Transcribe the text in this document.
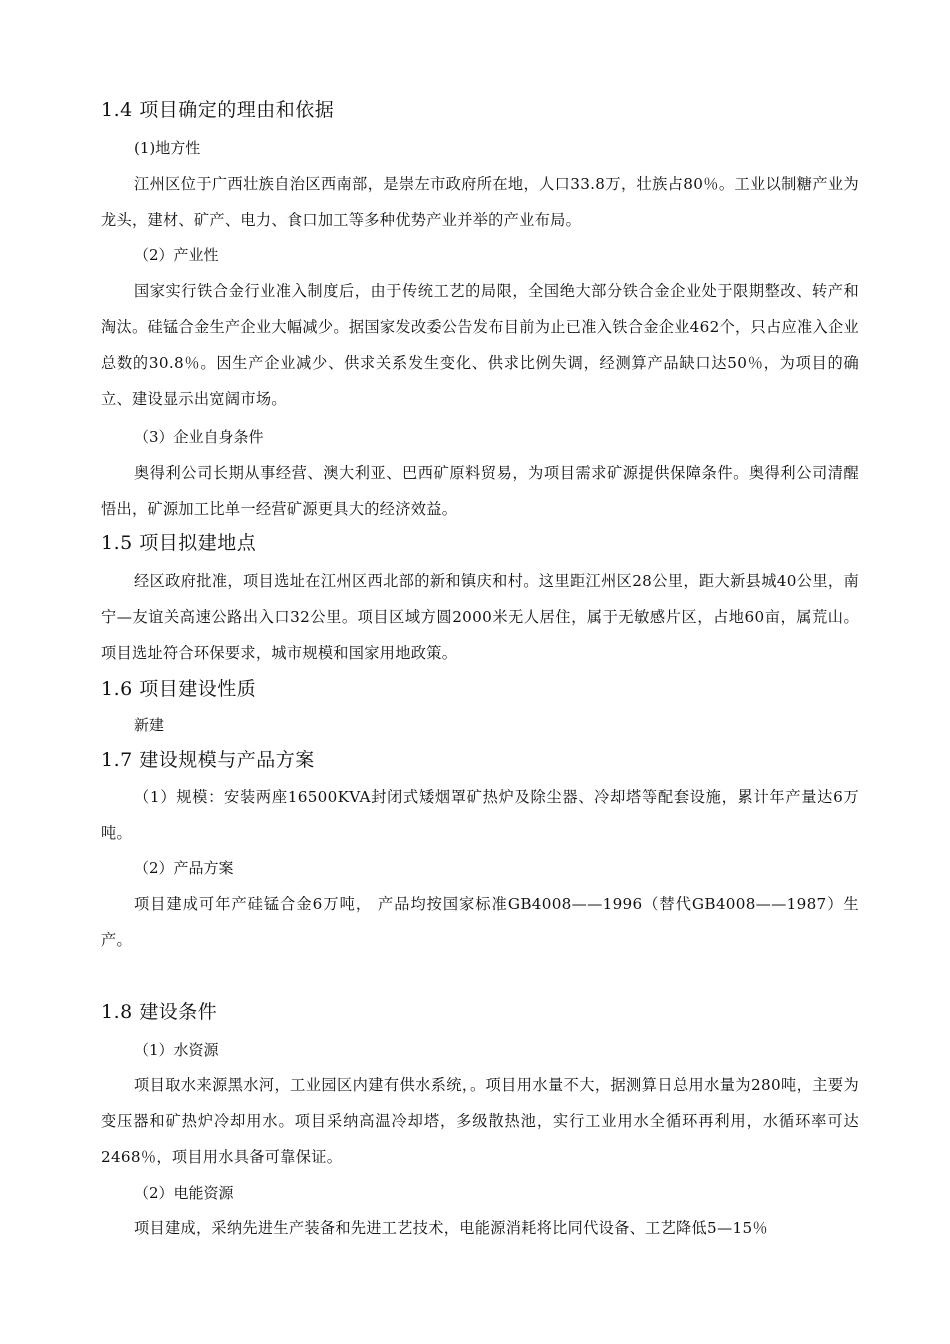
1.4 项目确定的理由和依据
(1)地方性

江州区位于广西壮族自治区西南部，是崇左市政府所在地，人口33.8万，壮族占80％。工业以制糖产业为龙头，建材、矿产、电力、食口加工等多种优势产业并举的产业布局。

（2）产业性

国家实行铁合金行业准入制度后，由于传统工艺的局限，全国绝大部分铁合金企业处于限期整改、转产和淘汰。硅锰合金生产企业大幅减少。据国家发改委公告发布目前为止已准入铁合金企业462个，只占应准入企业总数的30.8％。因生产企业减少、供求关系发生变化、供求比例失调，经测算产品缺口达50％，为项目的确立、建设显示出宽阔市场。

（3）企业自身条件

奥得利公司长期从事经营、澳大利亚、巴西矿原料贸易，为项目需求矿源提供保障条件。奥得利公司清醒悟出，矿源加工比单一经营矿源更具大的经济效益。

1.5 项目拟建地点

经区政府批准，项目选址在江州区西北部的新和镇庆和村。这里距江州区28公里，距大新县城40公里，南宁—友谊关高速公路出入口32公里。项目区域方圆2000米无人居住，属于无敏感片区，占地60亩，属荒山。项目选址符合环保要求，城市规模和国家用地政策。

1.6 项目建设性质
新建
1.7 建设规模与产品方案

（1）规模：安装两座16500KVA封闭式矮烟罩矿热炉及除尘器、冷却塔等配套设施，累计年产量达6万吨。

（2）产品方案

项目建成可年产硅锰合金6万吨， 产品均按国家标准GB4008——1996（替代GB4008——1987）生产。

1.8 建设条件
（1）水资源

项目取水来源黑水河，工业园区内建有供水系统，。项目用水量不大，据测算日总用水量为280吨，主要为变压器和矿热炉冷却用水。项目采纳高温冷却塔，多级散热池，实行工业用水全循环再利用，水循环率可达2468％，项目用水具备可靠保证。

（2）电能资源

项目建成，采纳先进生产装备和先进工艺技术，电能源消耗将比同代设备、工艺降低5—15％
